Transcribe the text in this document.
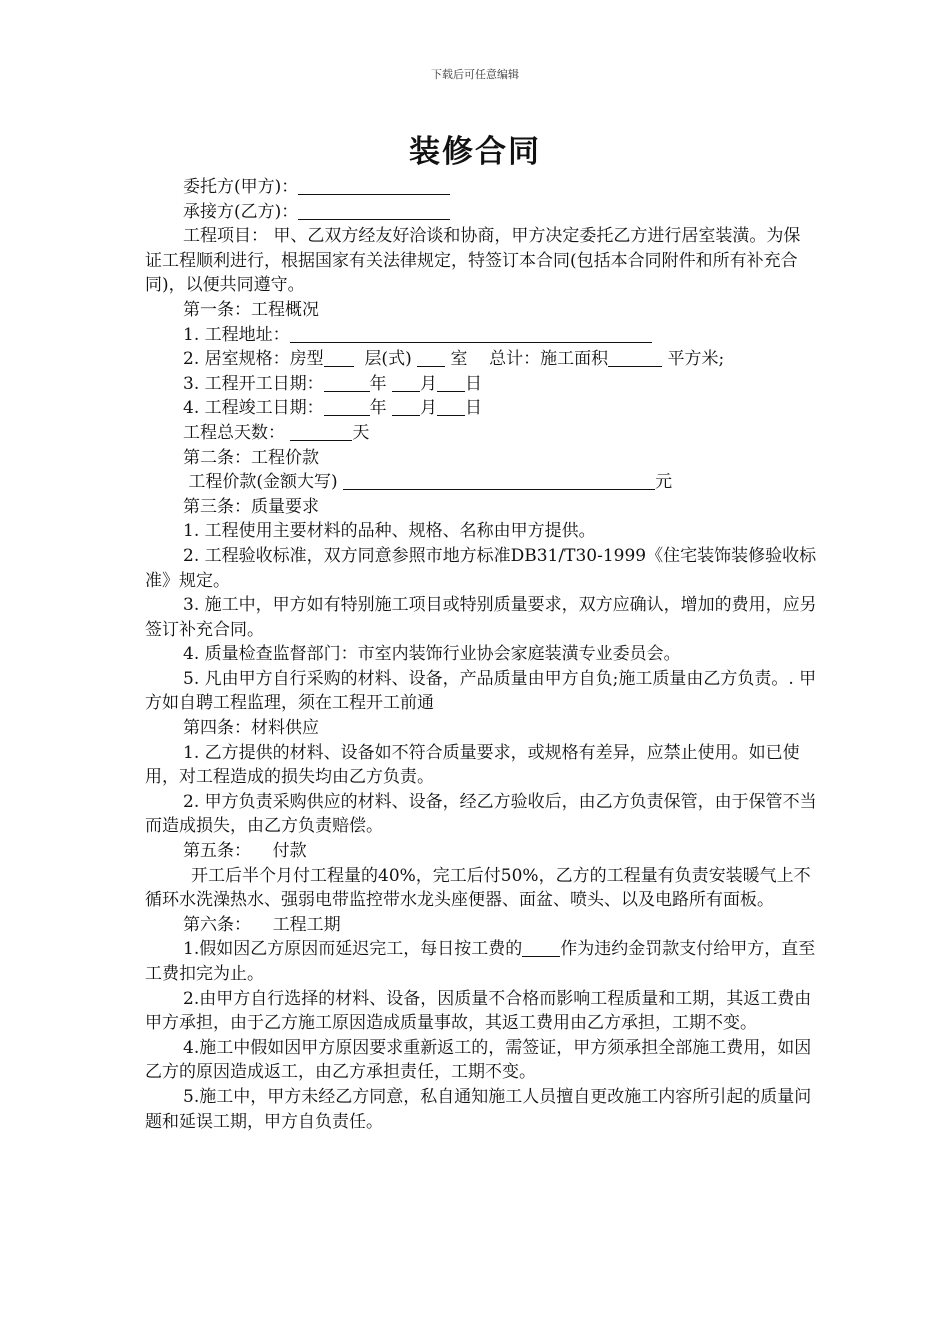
下载后可任意编辑
装修合同

委托方(甲方)：

承接方(乙方)：

工程项目： 甲、乙双方经友好洽谈和协商，甲方决定委托乙方进行居室装潢。为保证工程顺利进行，根据国家有关法律规定，特签订本合同(包括本合同附件和所有补充合同)，以便共同遵守。

第一条：工程概况

1. 工程地址：

2. 居室规格：房型 层(式) 室 总计：施工面积	平方米;

3. 工程开工日期：	年 月 日

4. 工程竣工日期：	年 月 日

工程总天数：	天

第二条：工程价款

工程价款(金额大写)	元

第三条：质量要求

1. 工程使用主要材料的品种、规格、名称由甲方提供。

2. 工程验收标准，双方同意参照市地方标准DB31/T30-1999《住宅装饰装修验收标准》规定。

3. 施工中，甲方如有特别施工项目或特别质量要求，双方应确认，增加的费用，应另签订补充合同。

4. 质量检查监督部门：市室内装饰行业协会家庭装潢专业委员会。

5. 凡由甲方自行采购的材料、设备，产品质量由甲方自负;施工质量由乙方负责。. 甲方如自聘工程监理，须在工程开工前通

第四条：材料供应

1. 乙方提供的材料、设备如不符合质量要求，或规格有差异，应禁止使用。如已使用，对工程造成的损失均由乙方负责。

2. 甲方负责采购供应的材料、设备，经乙方验收后，由乙方负责保管，由于保管不当而造成损失，由乙方负责赔偿。

第五条：    付款

开工后半个月付工程量的40%，完工后付50%，乙方的工程量有负责安装暖气上不循环水洗澡热水、强弱电带监控带水龙头座便器、面盆、喷头、以及电路所有面板。

第六条：    工程工期

1.假如因乙方原因而延迟完工，每日按工费的 作为违约金罚款支付给甲方，直至工费扣完为止。

2.由甲方自行选择的材料、设备，因质量不合格而影响工程质量和工期，其返工费由甲方承担，由于乙方施工原因造成质量事故，其返工费用由乙方承担，工期不变。

4.施工中假如因甲方原因要求重新返工的，需签证，甲方须承担全部施工费用，如因乙方的原因造成返工，由乙方承担责任，工期不变。

5.施工中，甲方未经乙方同意，私自通知施工人员擅自更改施工内容所引起的质量问题和延误工期，甲方自负责任。
